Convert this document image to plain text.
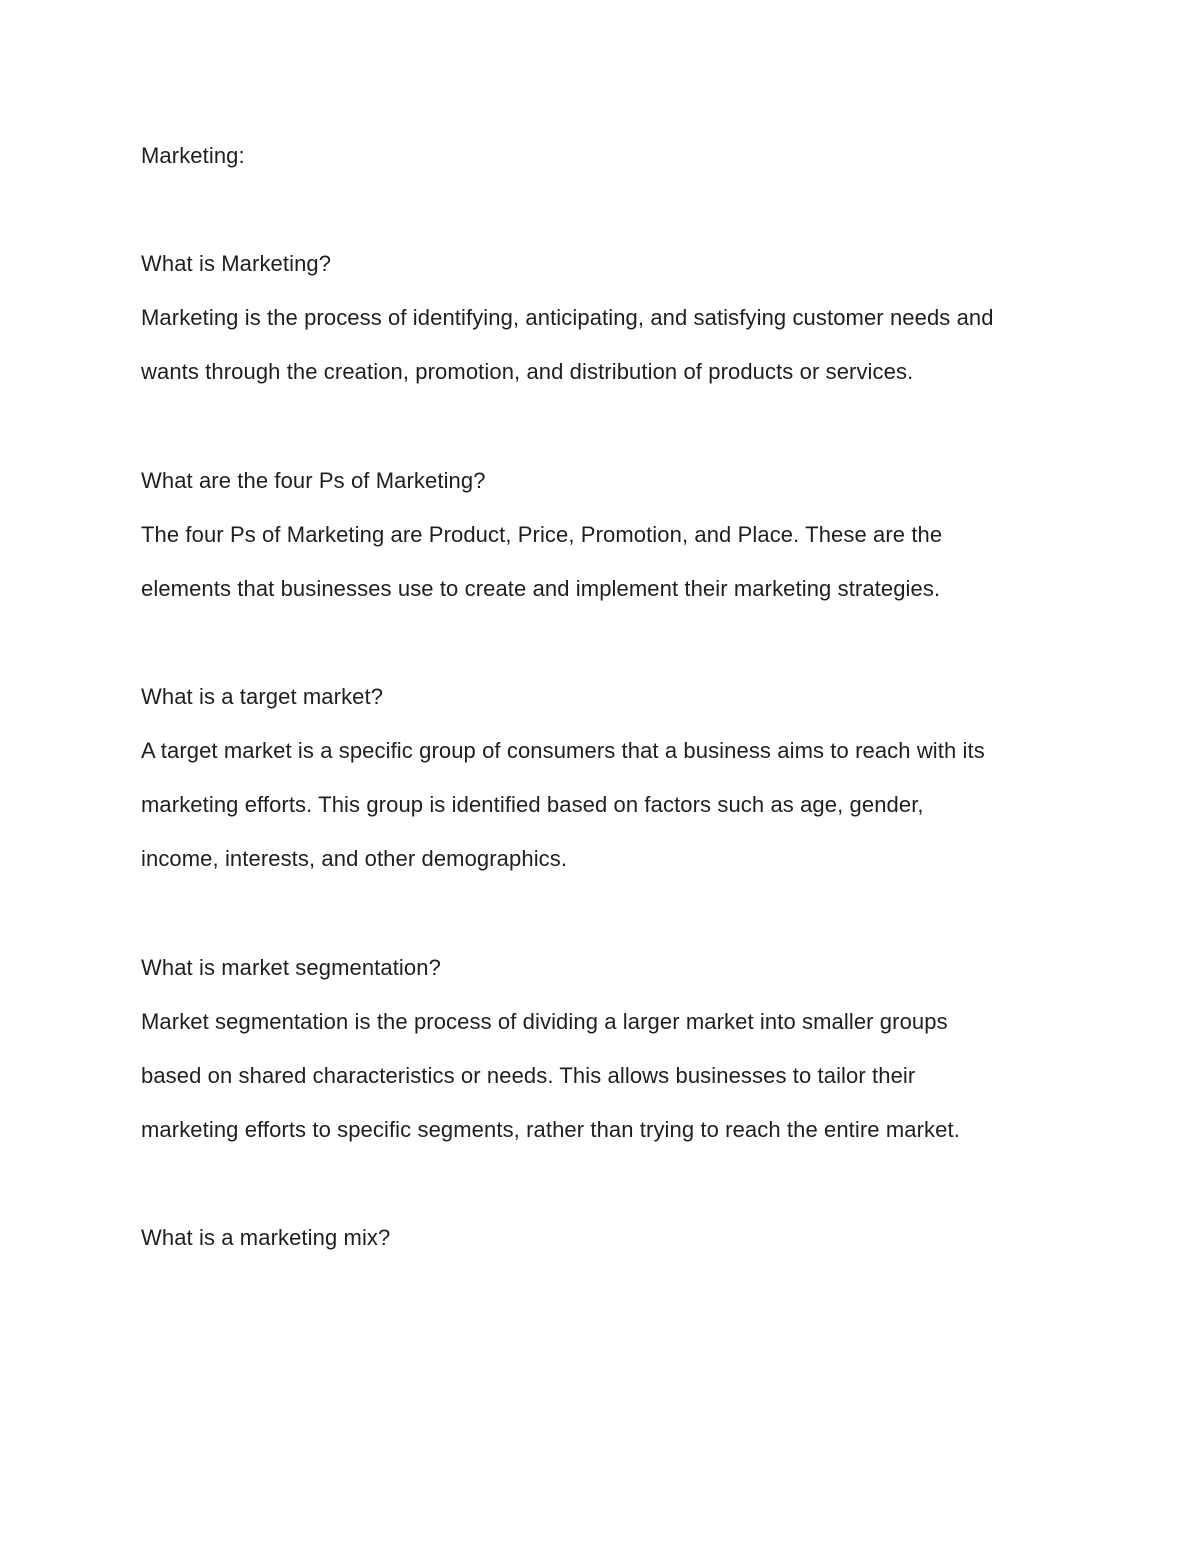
Marketing:
What is Marketing?
Marketing is the process of identifying, anticipating, and satisfying customer needs and
wants through the creation, promotion, and distribution of products or services.
What are the four Ps of Marketing?
The four Ps of Marketing are Product, Price, Promotion, and Place. These are the
elements that businesses use to create and implement their marketing strategies.
What is a target market?
A target market is a specific group of consumers that a business aims to reach with its
marketing efforts. This group is identified based on factors such as age, gender,
income, interests, and other demographics.
What is market segmentation?
Market segmentation is the process of dividing a larger market into smaller groups
based on shared characteristics or needs. This allows businesses to tailor their
marketing efforts to specific segments, rather than trying to reach the entire market.
What is a marketing mix?
